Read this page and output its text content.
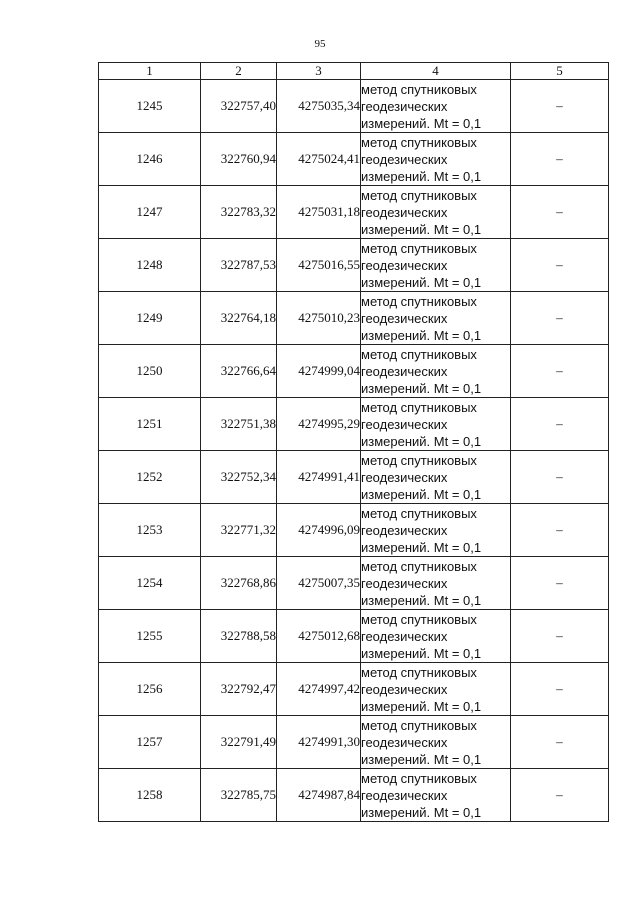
95
1	2	3	4	5
1245	322757,40	4275035,34	метод спутниковых
геодезических
измерений. Mt = 0,1	–
1246	322760,94	4275024,41	метод спутниковых
геодезических
измерений. Mt = 0,1	–
1247	322783,32	4275031,18	метод спутниковых
геодезических
измерений. Mt = 0,1	–
1248	322787,53	4275016,55	метод спутниковых
геодезических
измерений. Mt = 0,1	–
1249	322764,18	4275010,23	метод спутниковых
геодезических
измерений. Mt = 0,1	–
1250	322766,64	4274999,04	метод спутниковых
геодезических
измерений. Mt = 0,1	–
1251	322751,38	4274995,29	метод спутниковых
геодезических
измерений. Mt = 0,1	–
1252	322752,34	4274991,41	метод спутниковых
геодезических
измерений. Mt = 0,1	–
1253	322771,32	4274996,09	метод спутниковых
геодезических
измерений. Mt = 0,1	–
1254	322768,86	4275007,35	метод спутниковых
геодезических
измерений. Mt = 0,1	–
1255	322788,58	4275012,68	метод спутниковых
геодезических
измерений. Mt = 0,1	–
1256	322792,47	4274997,42	метод спутниковых
геодезических
измерений. Mt = 0,1	–
1257	322791,49	4274991,30	метод спутниковых
геодезических
измерений. Mt = 0,1	–
1258	322785,75	4274987,84	метод спутниковых
геодезических
измерений. Mt = 0,1	–
